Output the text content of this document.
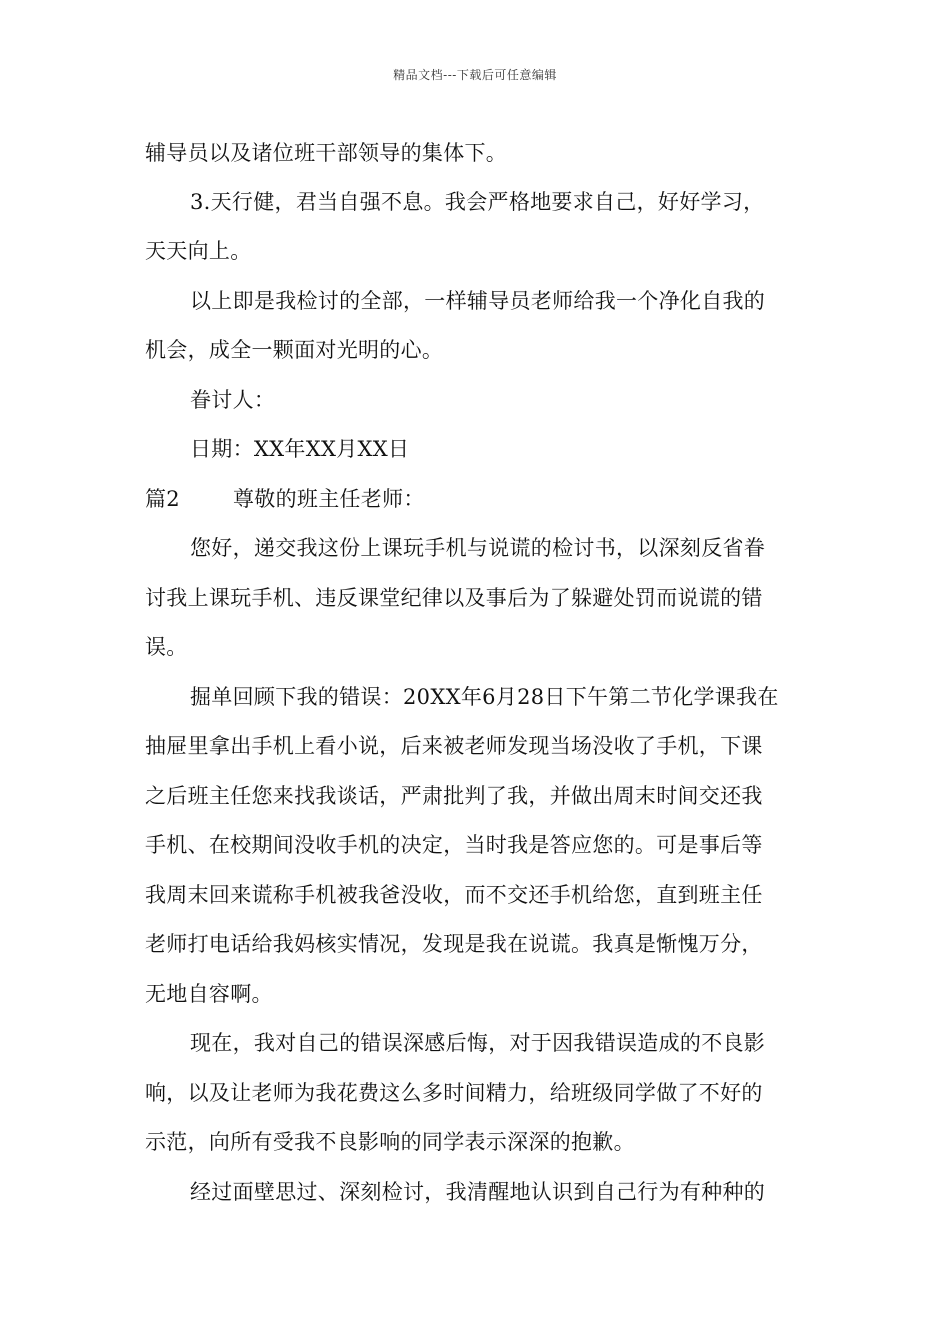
精品文档---下载后可任意编辑
辅导员以及诸位班干部领导的集体下。
3.天行健，君当自强不息。我会严格地要求自己，好好学习，
天天向上。
以上即是我检讨的全部，一样辅导员老师给我一个净化自我的
机会，成全一颗面对光明的心。
眷讨人：
日期：XX年XX月XX日
篇2	尊敬的班主任老师：
您好，递交我这份上课玩手机与说谎的检讨书，以深刻反省眷
讨我上课玩手机、违反课堂纪律以及事后为了躲避处罚而说谎的错
误。
掘单回顾下我的错误：20XX年6月28日下午第二节化学课我在
抽屉里拿出手机上看小说，后来被老师发现当场没收了手机，下课
之后班主任您来找我谈话，严肃批判了我，并做出周末时间交还我
手机、在校期间没收手机的决定，当时我是答应您的。可是事后等
我周末回来谎称手机被我爸没收，而不交还手机给您，直到班主任
老师打电话给我妈核实情况，发现是我在说谎。我真是惭愧万分，
无地自容啊。
现在，我对自己的错误深感后悔，对于因我错误造成的不良影
响，以及让老师为我花费这么多时间精力，给班级同学做了不好的
示范，向所有受我不良影响的同学表示深深的抱歉。
经过面壁思过、深刻检讨，我清醒地认识到自己行为有种种的
